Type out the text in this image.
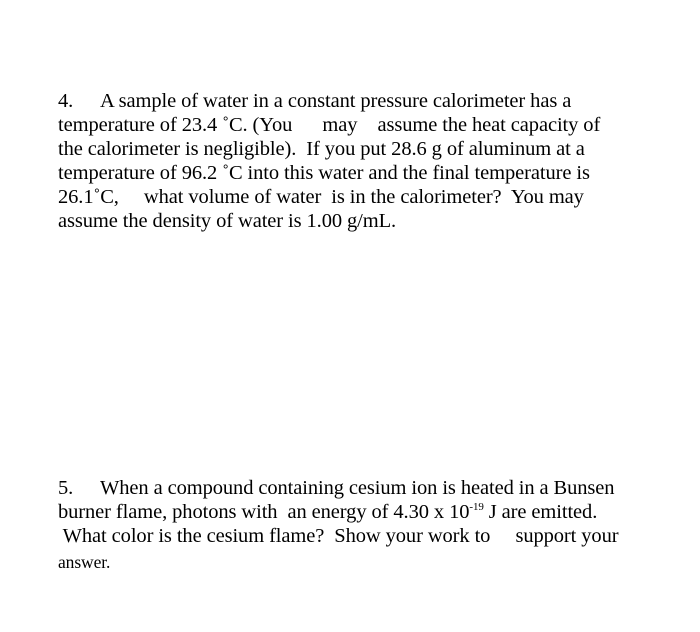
4. A sample of water in a constant pressure calorimeter has a
temperature of 23.4 ˚C. (You      may    assume the heat capacity of
the calorimeter is negligible).  If you put 28.6 g of aluminum at a
temperature of 96.2 ˚C into this water and the final temperature is
26.1˚C,     what volume of water  is in the calorimeter?  You may
assume the density of water is 1.00 g/mL.
5. When a compound containing cesium ion is heated in a Bunsen
burner flame, photons with  an energy of 4.30 x $10^{-19}$ J are emitted.
What color is the cesium flame?  Show your work to     support your
answer.
